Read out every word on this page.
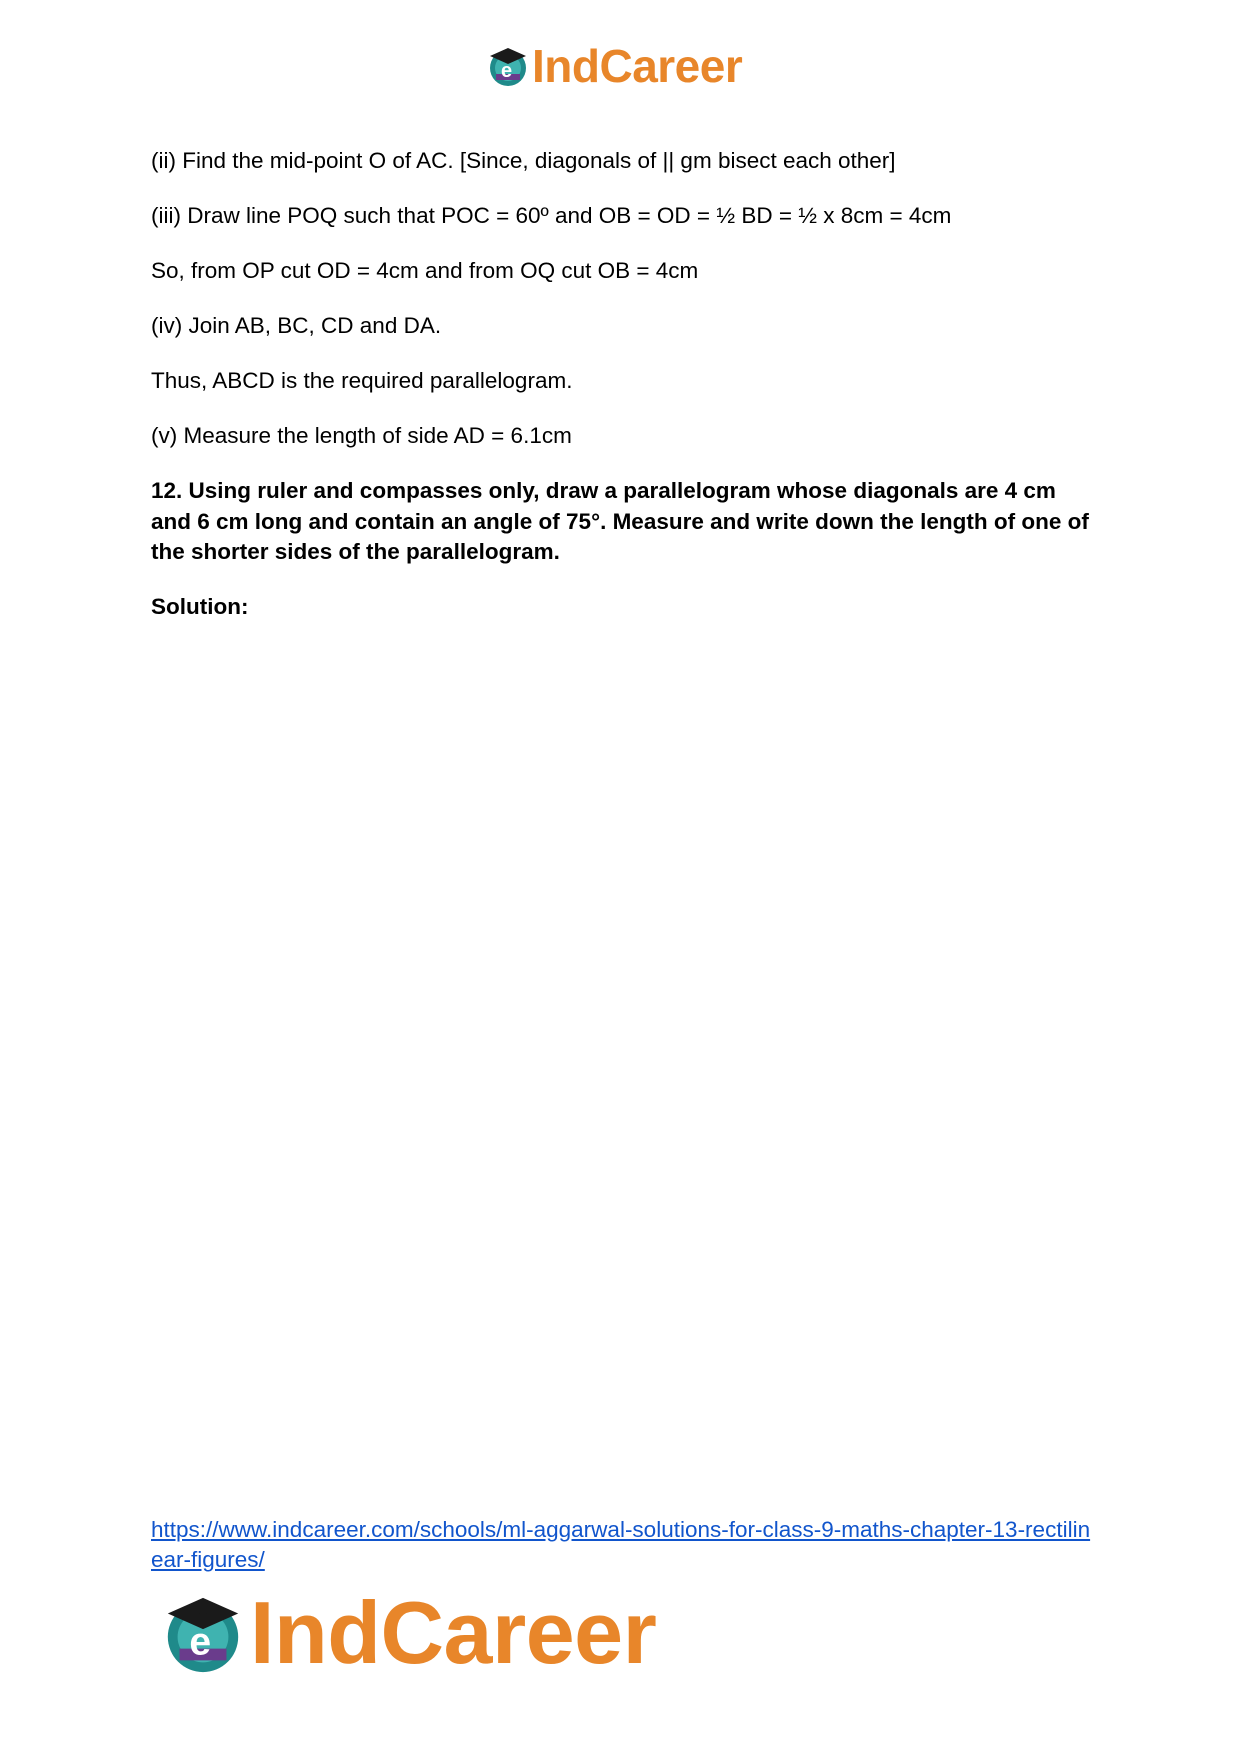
e IndCareer

(ii) Find the mid-point O of AC. [Since, diagonals of || gm bisect each other]

(iii) Draw line POQ such that POC = 60º and OB = OD = ½ BD = ½ x 8cm = 4cm

So, from OP cut OD = 4cm and from OQ cut OB = 4cm

(iv) Join AB, BC, CD and DA.

Thus, ABCD is the required parallelogram.

(v) Measure the length of side AD = 6.1cm

12. Using ruler and compasses only, draw a parallelogram whose diagonals are 4 cm and 6 cm long and contain an angle of 75°. Measure and write down the length of one of the shorter sides of the parallelogram.

Solution:

https://www.indcareer.com/schools/ml-aggarwal-solutions-for-class-9-maths-chapter-13-rectilinear-figures/
e IndCareer
